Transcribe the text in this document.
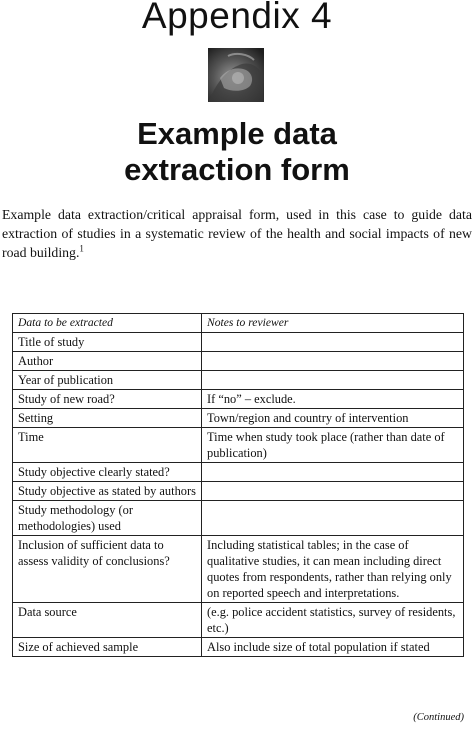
Appendix 4
Example data
extraction form

Example data extraction/critical appraisal form, used in this case to guide data extraction of studies in a systematic review of the health and social impacts of new road building.$^1$

Data to be extracted	Notes to reviewer
Title of study	
Author	
Year of publication	
Study of new road?	If “no” – exclude.
Setting	Town/region and country of intervention
Time	Time when study took place (rather than date of publication)
Study objective clearly stated?	
Study objective as stated by authors	
Study methodology (or methodologies) used	
Inclusion of sufficient data to assess validity of conclusions?	Including statistical tables; in the case of qualitative studies, it can mean including direct quotes from respondents, rather than relying only on reported speech and interpretations.
Data source	(e.g. police accident statistics, survey of residents, etc.)
Size of achieved sample	Also include size of total population if stated
(Continued)
